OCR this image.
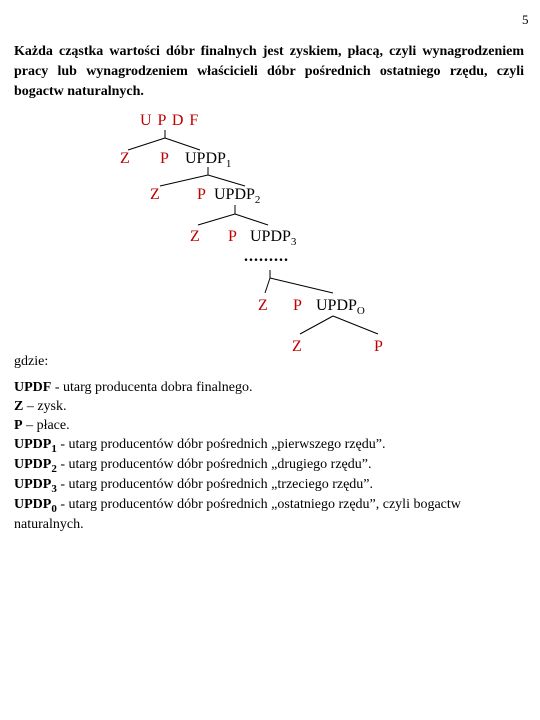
5
Każda cząstka wartości dóbr finalnych jest zyskiem, płacą, czyli wynagrodzeniem pracy lub wynagrodzeniem właścicieli dóbr pośrednich ostatniego rzędu, czyli bogactw naturalnych.
U P D F
Z P $UPDP_1$
Z P $UPDP_2$
Z P $UPDP_3$
.........
Z P $UPDP_O$
Z	P
gdzie:
UPDF - utarg producenta dobra finalnego.
Z – zysk.
P – płace.
$UPDP_1$ - utarg producentów dóbr pośrednich „pierwszego rzędu”.
$UPDP_2$ - utarg producentów dóbr pośrednich „drugiego rzędu”.
$UPDP_3$ - utarg producentów dóbr pośrednich „trzeciego rzędu”.
$UPDP_0$ - utarg producentów dóbr pośrednich „ostatniego rzędu”, czyli bogactw naturalnych.
